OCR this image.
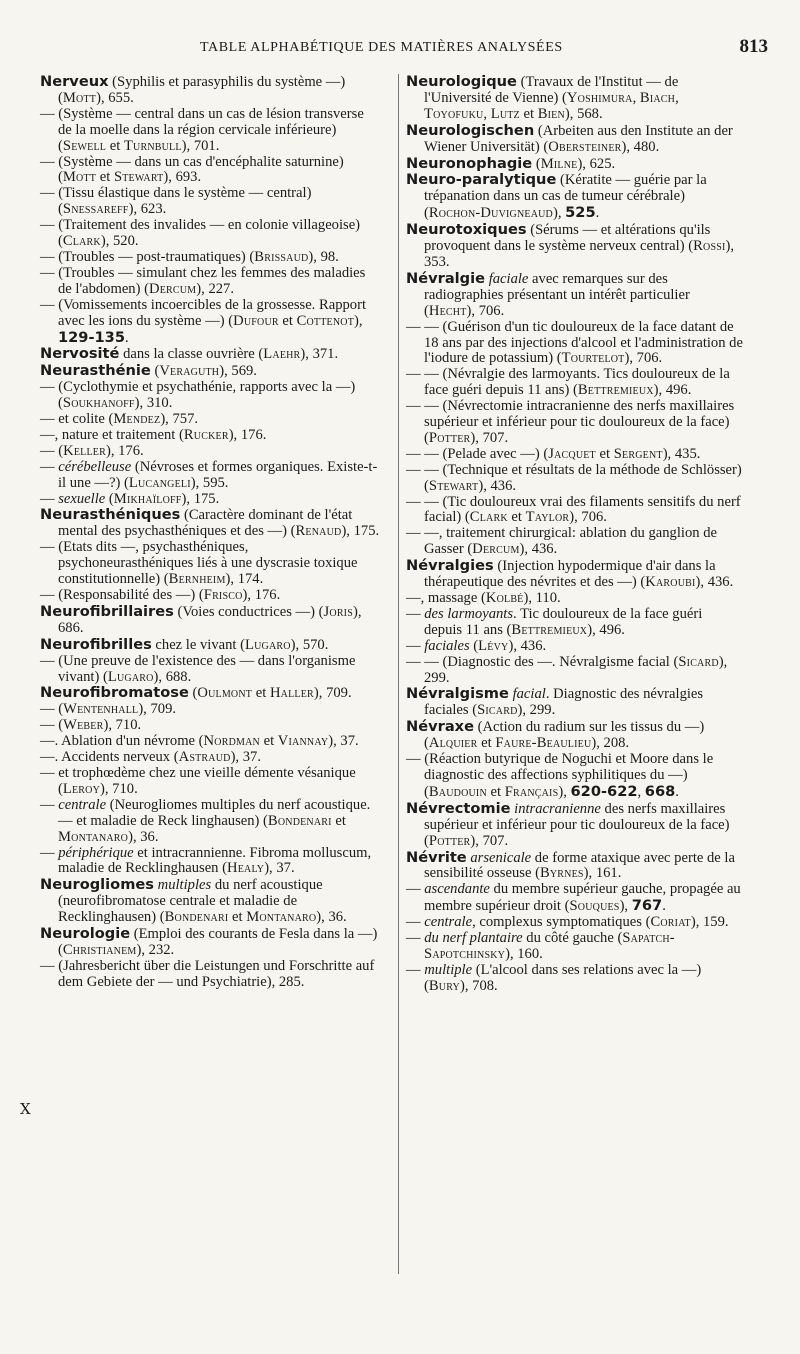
TABLE ALPHABÉTIQUE DES MATIÈRES ANALYSÉES	813

Nerveux (Syphilis et parasyphilis du système —) (Mott), 655.

— (Système — central dans un cas de lésion transverse de la moelle dans la région cervicale inférieure) (Sewell et Turnbull), 701.

— (Système — dans un cas d'encéphalite saturnine) (Mott et Stewart), 693.

— (Tissu élastique dans le système — central) (Snessareff), 623.

— (Traitement des invalides — en colonie villageoise) (Clark), 520.

— (Troubles — post-traumatiques) (Brissaud), 98.

— (Troubles — simulant chez les femmes des maladies de l'abdomen) (Dercum), 227.

— (Vomissements incoercibles de la grossesse. Rapport avec les ions du système —) (Dufour et Cottenot), 129-135.

Nervosité dans la classe ouvrière (Laehr), 371.

Neurasthénie (Veraguth), 569.

— (Cyclothymie et psychathénie, rapports avec la —) (Soukhanoff), 310.

— et colite (Mendez), 757.

—, nature et traitement (Rucker), 176.

— (Keller), 176.

— cérébelleuse (Névroses et formes organiques. Existe-t-il une —?) (Lucangeli), 595.

— sexuelle (Mikhaïloff), 175.

Neurasthéniques (Caractère dominant de l'état mental des psychasthéniques et des —) (Renaud), 175.

— (Etats dits —, psychasthéniques, psychoneurasthéniques liés à une dyscrasie toxique constitutionnelle) (Bernheim), 174.

— (Responsabilité des —) (Frisco), 176.

Neurofibrillaires (Voies conductrices —) (Joris), 686.

Neurofibrilles chez le vivant (Lugaro), 570.

— (Une preuve de l'existence des — dans l'organisme vivant) (Lugaro), 688.

Neurofibromatose (Oulmont et Haller), 709.

— (Wentenhall), 709.

— (Weber), 710.

—. Ablation d'un névrome (Nordman et Viannay), 37.

—. Accidents nerveux (Astraud), 37.

— et trophœdème chez une vieille démente vésanique (Leroy), 710.

— centrale (Neurogliomes multiples du nerf acoustique. — et maladie de Reck linghausen) (Bondenari et Montanaro), 36.

— périphérique et intracrannienne. Fibroma molluscum, maladie de Recklinghausen (Healy), 37.

Neurogliomes multiples du nerf acoustique (neurofibromatose centrale et maladie de Recklinghausen) (Bondenari et Montanaro), 36.

Neurologie (Emploi des courants de Fesla dans la —) (Christianem), 232.

— (Jahresbericht über die Leistungen und Forschritte auf dem Gebiete der — und Psychiatrie), 285.

Neurologique (Travaux de l'Institut — de l'Université de Vienne) (Yoshimura, Biach, Toyofuku, Lutz et Bien), 568.

Neurologischen (Arbeiten aus den Institute an der Wiener Universität) (Obersteiner), 480.

Neuronophagie (Milne), 625.

Neuro-paralytique (Kératite — guérie par la trépanation dans un cas de tumeur cérébrale) (Rochon-Duvigneaud), 525.

Neurotoxiques (Sérums — et altérations qu'ils provoquent dans le système nerveux central) (Rossi), 353.

Névralgie faciale avec remarques sur des radiographies présentant un intérêt particulier (Hecht), 706.

— — (Guérison d'un tic douloureux de la face datant de 18 ans par des injections d'alcool et l'administration de l'iodure de potassium) (Tourtelot), 706.

— — (Névralgie des larmoyants. Tics douloureux de la face guéri depuis 11 ans) (Bettremieux), 496.

— — (Névrectomie intracranienne des nerfs maxillaires supérieur et inférieur pour tic douloureux de la face) (Potter), 707.

— — (Pelade avec —) (Jacquet et Sergent), 435.

— — (Technique et résultats de la méthode de Schlösser) (Stewart), 436.

— — (Tic douloureux vrai des filaments sensitifs du nerf facial) (Clark et Taylor), 706.

— —, traitement chirurgical: ablation du ganglion de Gasser (Dercum), 436.

Névralgies (Injection hypodermique d'air dans la thérapeutique des névrites et des —) (Karoubi), 436.

—, massage (Kolbé), 110.

— des larmoyants. Tic douloureux de la face guéri depuis 11 ans (Bettremieux), 496.

— faciales (Lévy), 436.

— — (Diagnostic des —. Névralgisme facial (Sicard), 299.

Névralgisme facial. Diagnostic des névralgies faciales (Sicard), 299.

Névraxe (Action du radium sur les tissus du —) (Alquier et Faure-Beaulieu), 208.

— (Réaction butyrique de Noguchi et Moore dans le diagnostic des affections syphilitiques du —) (Baudouin et Français), 620-622, 668.

Névrectomie intracranienne des nerfs maxillaires supérieur et inférieur pour tic douloureux de la face) (Potter), 707.

Névrite arsenicale de forme ataxique avec perte de la sensibilité osseuse (Byrnes), 161.

— ascendante du membre supérieur gauche, propagée au membre supérieur droit (Souques), 767.

— centrale, complexus symptomatiques (Coriat), 159.

— du nerf plantaire du côté gauche (Sapatch-Sapotchinsky), 160.

— multiple (L'alcool dans ses relations avec la —) (Bury), 708.

X
